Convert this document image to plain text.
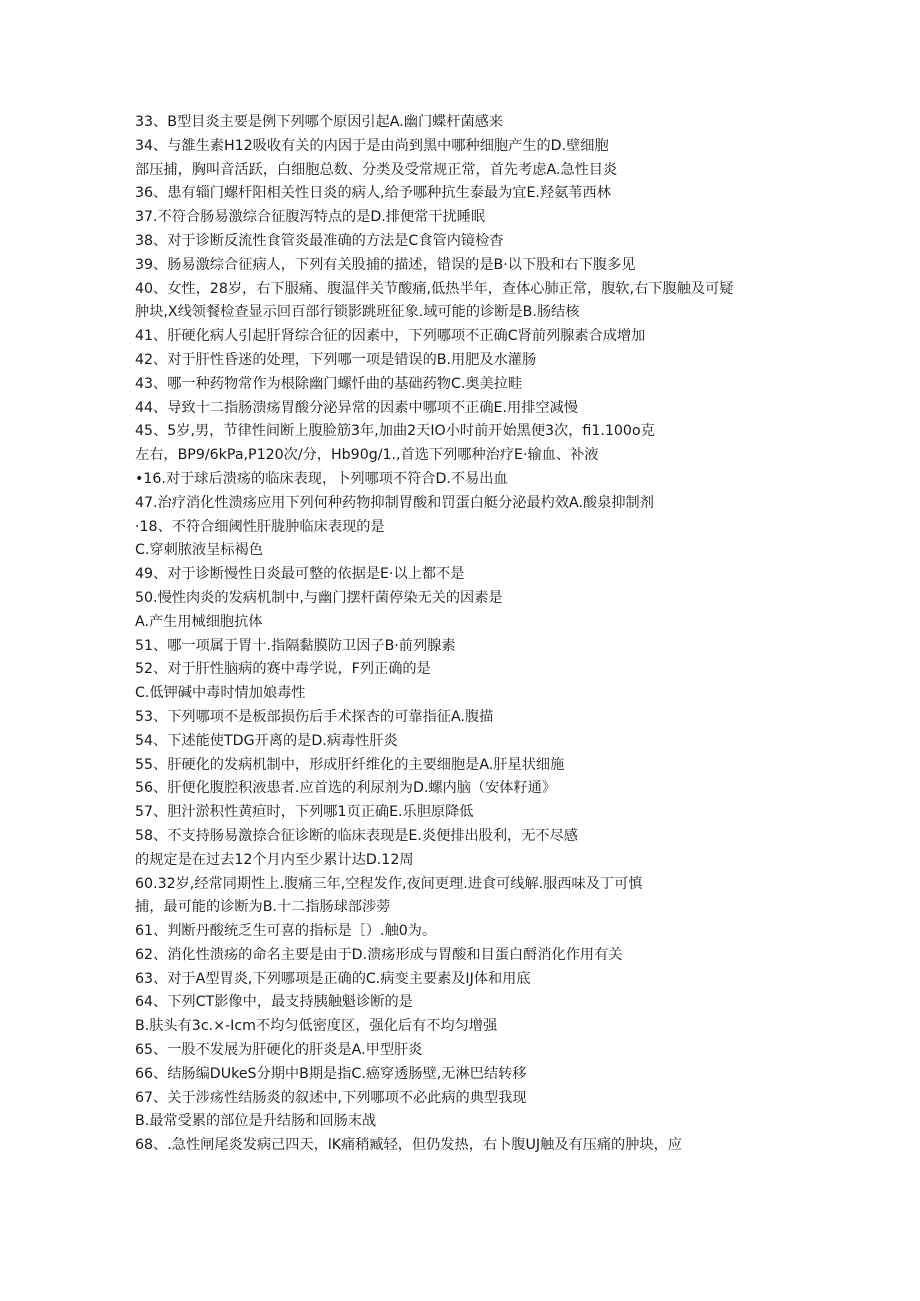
33、B型目炎主要是例下列哪个原因引起A.幽门蝶杆菌感来
34、与雒生素H12吸收有关的内因于是由尚到黑中哪种细胞产生的D.壁细胞
部压捕，胸叫音活跃，白细胞总数、分类及受常规正常，首先考虑A.急性目炎
36、患有辎门螺杆阳相关性日炎的病人,给予哪种抗生泰最为宜E.羟氨苇西林
37.不符合肠易激综合征腹泻特点的是D.排便常干扰睡眠
38、对于诊断反流性食管炎最准确的方法是C食管内镜检杳
39、肠易激综合征病人，下列有关股捕的描述，错误的是B·以下股和右下腹多见
40、女性，28岁，右下服痛、腹温伴关节酸痛,低热半年，查体心肺正常，腹软,右下腹触及可疑
肿块,X线领餐检查显示回百部行锁影跳班征象.域可能的诊断是B.肠结核
41、肝硬化病人引起肝肾综合征的因素中，下列哪项不正确C肾前列腺素合成增加
42、对于肝性昏迷的处理，下列哪一项是错误的B.用肥及水灌肠
43、哪一种药物常作为根除幽门螺忏曲的基础药物C.奥美拉畦
44、导致十二指肠溃疡胃酸分泌异常的因素中哪项不正确E.用排空减慢
45、5岁,男，节律性间断上腹脸筋3年,加曲2天IO小时前开始黑便3次，fi1.100o克
左右，BP9/6kPa,P120次/分，Hb90g/1.,首选下列哪种治疗E·输血、补液
•16.对于球后溃疡的临床表现，卜列哪项不符合D.不易出血
47.治疗消化性溃疡应用下列何种药物抑制胃酸和罚蛋白艇分泌最杓效A.酸泉抑制剂
·18、不符合细阈性肝胧肿临床表现的是
C.穿刺脓液呈标褐色
49、对于诊断慢性日炎最可整的依据是E·以上都不是
50.慢性肉炎的发病机制中,与幽门摆杆菌停染无关的因素是
A.产生用械细胞抗体
51、哪一项属于胃十.指隔黏膜防卫因子B·前列腺素
52、对于肝性脑病的赛中毒学说，F列正确的是
C.低钾碱中毒时情加娘毒性
53、下列哪项不是板部损伤后手术探杏的可靠指征A.腹描
54、下述能使TDG开离的是D.病毒性肝炎
55、肝硬化的发病机制中，形成肝纤维化的主要细胞是A.肝星状细施
56、肝便化腹腔积液患者.应首选的利尿剂为D.螺内脑（安体籽通》
57、胆汁淤积性黄疸时，下列哪1页正确E.乐胆原降低
58、不支持肠易激捺合征诊断的临床表现是E.炎便排出股利，无不尽感
的规定是在过去12个月内至少累计达D.12周
60.32岁,经常同期性上.腹痛三年,空程发作,夜间更理.进食可线解.服西味及丁可慎
捕，最可能的诊断为B.十二指肠球部涉蒡
61、判断丹酸统乏生可喜的指标是［）.触0为。
62、消化性溃疡的命名主要是由于D.溃疡形成与胃酸和目蛋白酹消化作用有关
63、对于A型胃炎,下列哪项是正确的C.病变主要素及IJ体和用底
64、下列CT影像中，最支持胰触魁诊断的是
B.肤头有3c.×-Icm不均匀低密度区，强化后有不均匀增强
65、一股不发展为肝硬化的肝炎是A.甲型肝炎
66、结肠编DUkeS分期中B期是指C.癌穿透肠壁,无淋巴结转移
67、关于涉疡性结肠炎的叙述中,下列哪项不必此病的典型我现
B.最常受累的部位是升结肠和回肠末战
68、.急性闸尾炎发病己四天，lK痛稍臧轻，但仍发热，右卜腹UJ触及有压痛的肿块，应
